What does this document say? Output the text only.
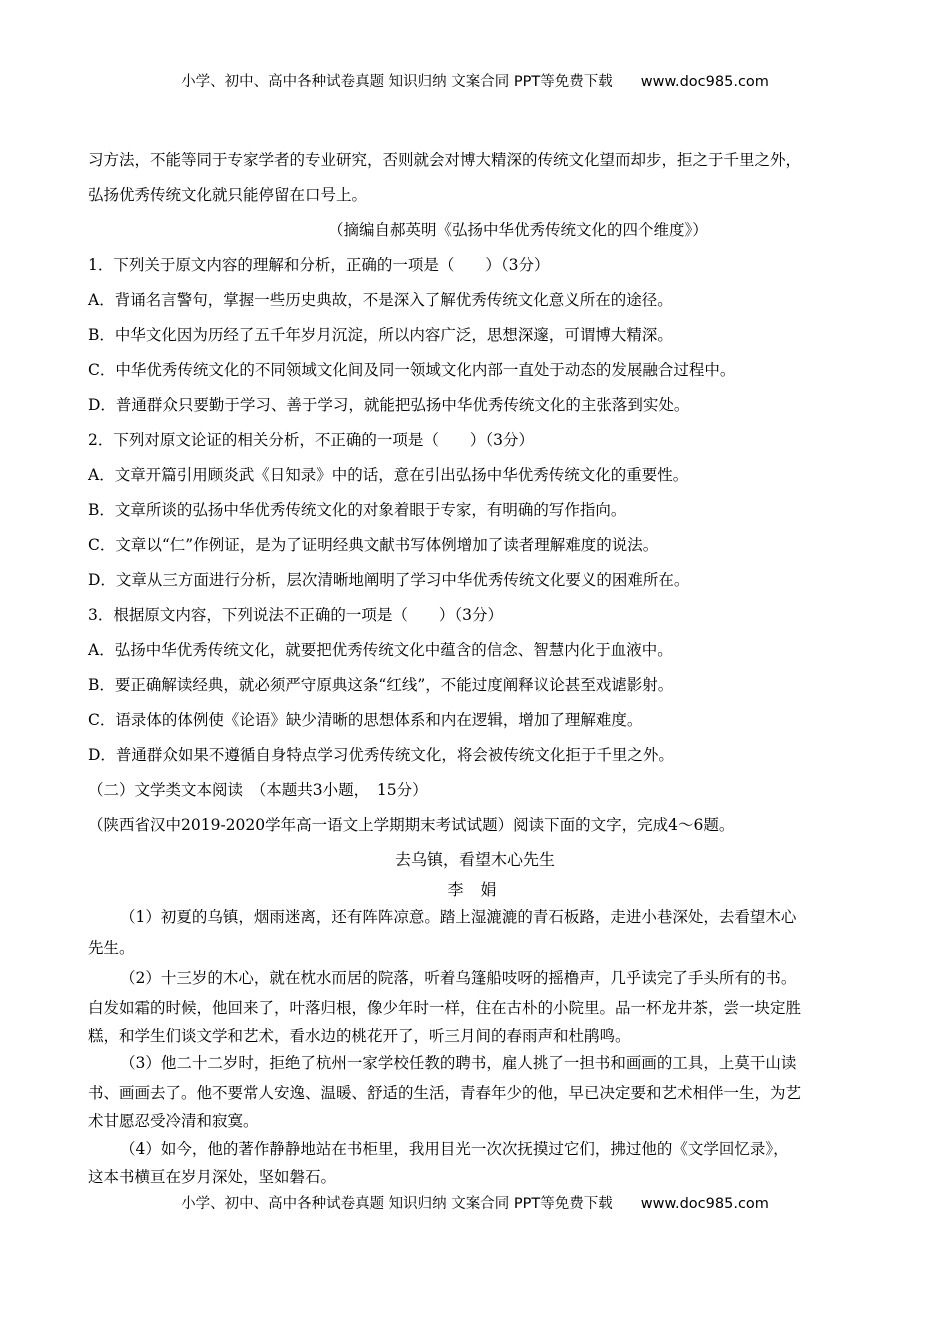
小学、初中、高中各种试卷真题 知识归纳 文案合同 PPT等免费下载 www.doc985.com
习方法，不能等同于专家学者的专业研究，否则就会对博大精深的传统文化望而却步，拒之于千里之外，
弘扬优秀传统文化就只能停留在口号上。
（摘编自郝英明《弘扬中华优秀传统文化的四个维度》）
1．下列关于原文内容的理解和分析，正确的一项是（　　）（3分）
A．背诵名言警句，掌握一些历史典故，不是深入了解优秀传统文化意义所在的途径。
B．中华文化因为历经了五千年岁月沉淀，所以内容广泛，思想深邃，可谓博大精深。
C．中华优秀传统文化的不同领域文化间及同一领域文化内部一直处于动态的发展融合过程中。
D．普通群众只要勤于学习、善于学习，就能把弘扬中华优秀传统文化的主张落到实处。
2．下列对原文论证的相关分析，不正确的一项是（　　）（3分）
A．文章开篇引用顾炎武《日知录》中的话，意在引出弘扬中华优秀传统文化的重要性。
B．文章所谈的弘扬中华优秀传统文化的对象着眼于专家，有明确的写作指向。
C．文章以“仁”作例证，是为了证明经典文献书写体例增加了读者理解难度的说法。
D．文章从三方面进行分析，层次清晰地阐明了学习中华优秀传统文化要义的困难所在。
3．根据原文内容，下列说法不正确的一项是（　　）（3分）
A．弘扬中华优秀传统文化，就要把优秀传统文化中蕴含的信念、智慧内化于血液中。
B．要正确解读经典，就必须严守原典这条“红线”，不能过度阐释议论甚至戏谑影射。
C．语录体的体例使《论语》缺少清晰的思想体系和内在逻辑，增加了理解难度。
D．普通群众如果不遵循自身特点学习优秀传统文化，将会被传统文化拒于千里之外。
（二）文学类文本阅读　（本题共3小题，　15分）
（陕西省汉中2019-2020学年高一语文上学期期末考试试题）阅读下面的文字，完成4～6题。
去乌镇，看望木心先生
李 娟
（1）初夏的乌镇，烟雨迷离，还有阵阵凉意。踏上湿漉漉的青石板路，走进小巷深处，去看望木心
先生。
（2）十三岁的木心，就在枕水而居的院落，听着乌篷船吱呀的摇橹声，几乎读完了手头所有的书。
白发如霜的时候，他回来了，叶落归根，像少年时一样，住在古朴的小院里。品一杯龙井茶，尝一块定胜
糕，和学生们谈文学和艺术，看水边的桃花开了，听三月间的春雨声和杜鹃鸣。
（3）他二十二岁时，拒绝了杭州一家学校任教的聘书，雇人挑了一担书和画画的工具，上莫干山读
书、画画去了。他不要常人安逸、温暖、舒适的生活，青春年少的他，早已决定要和艺术相伴一生，为艺
术甘愿忍受冷清和寂寞。
（4）如今，他的著作静静地站在书柜里，我用目光一次次抚摸过它们，拂过他的《文学回忆录》，
这本书横亘在岁月深处，坚如磐石。
小学、初中、高中各种试卷真题 知识归纳 文案合同 PPT等免费下载 www.doc985.com
